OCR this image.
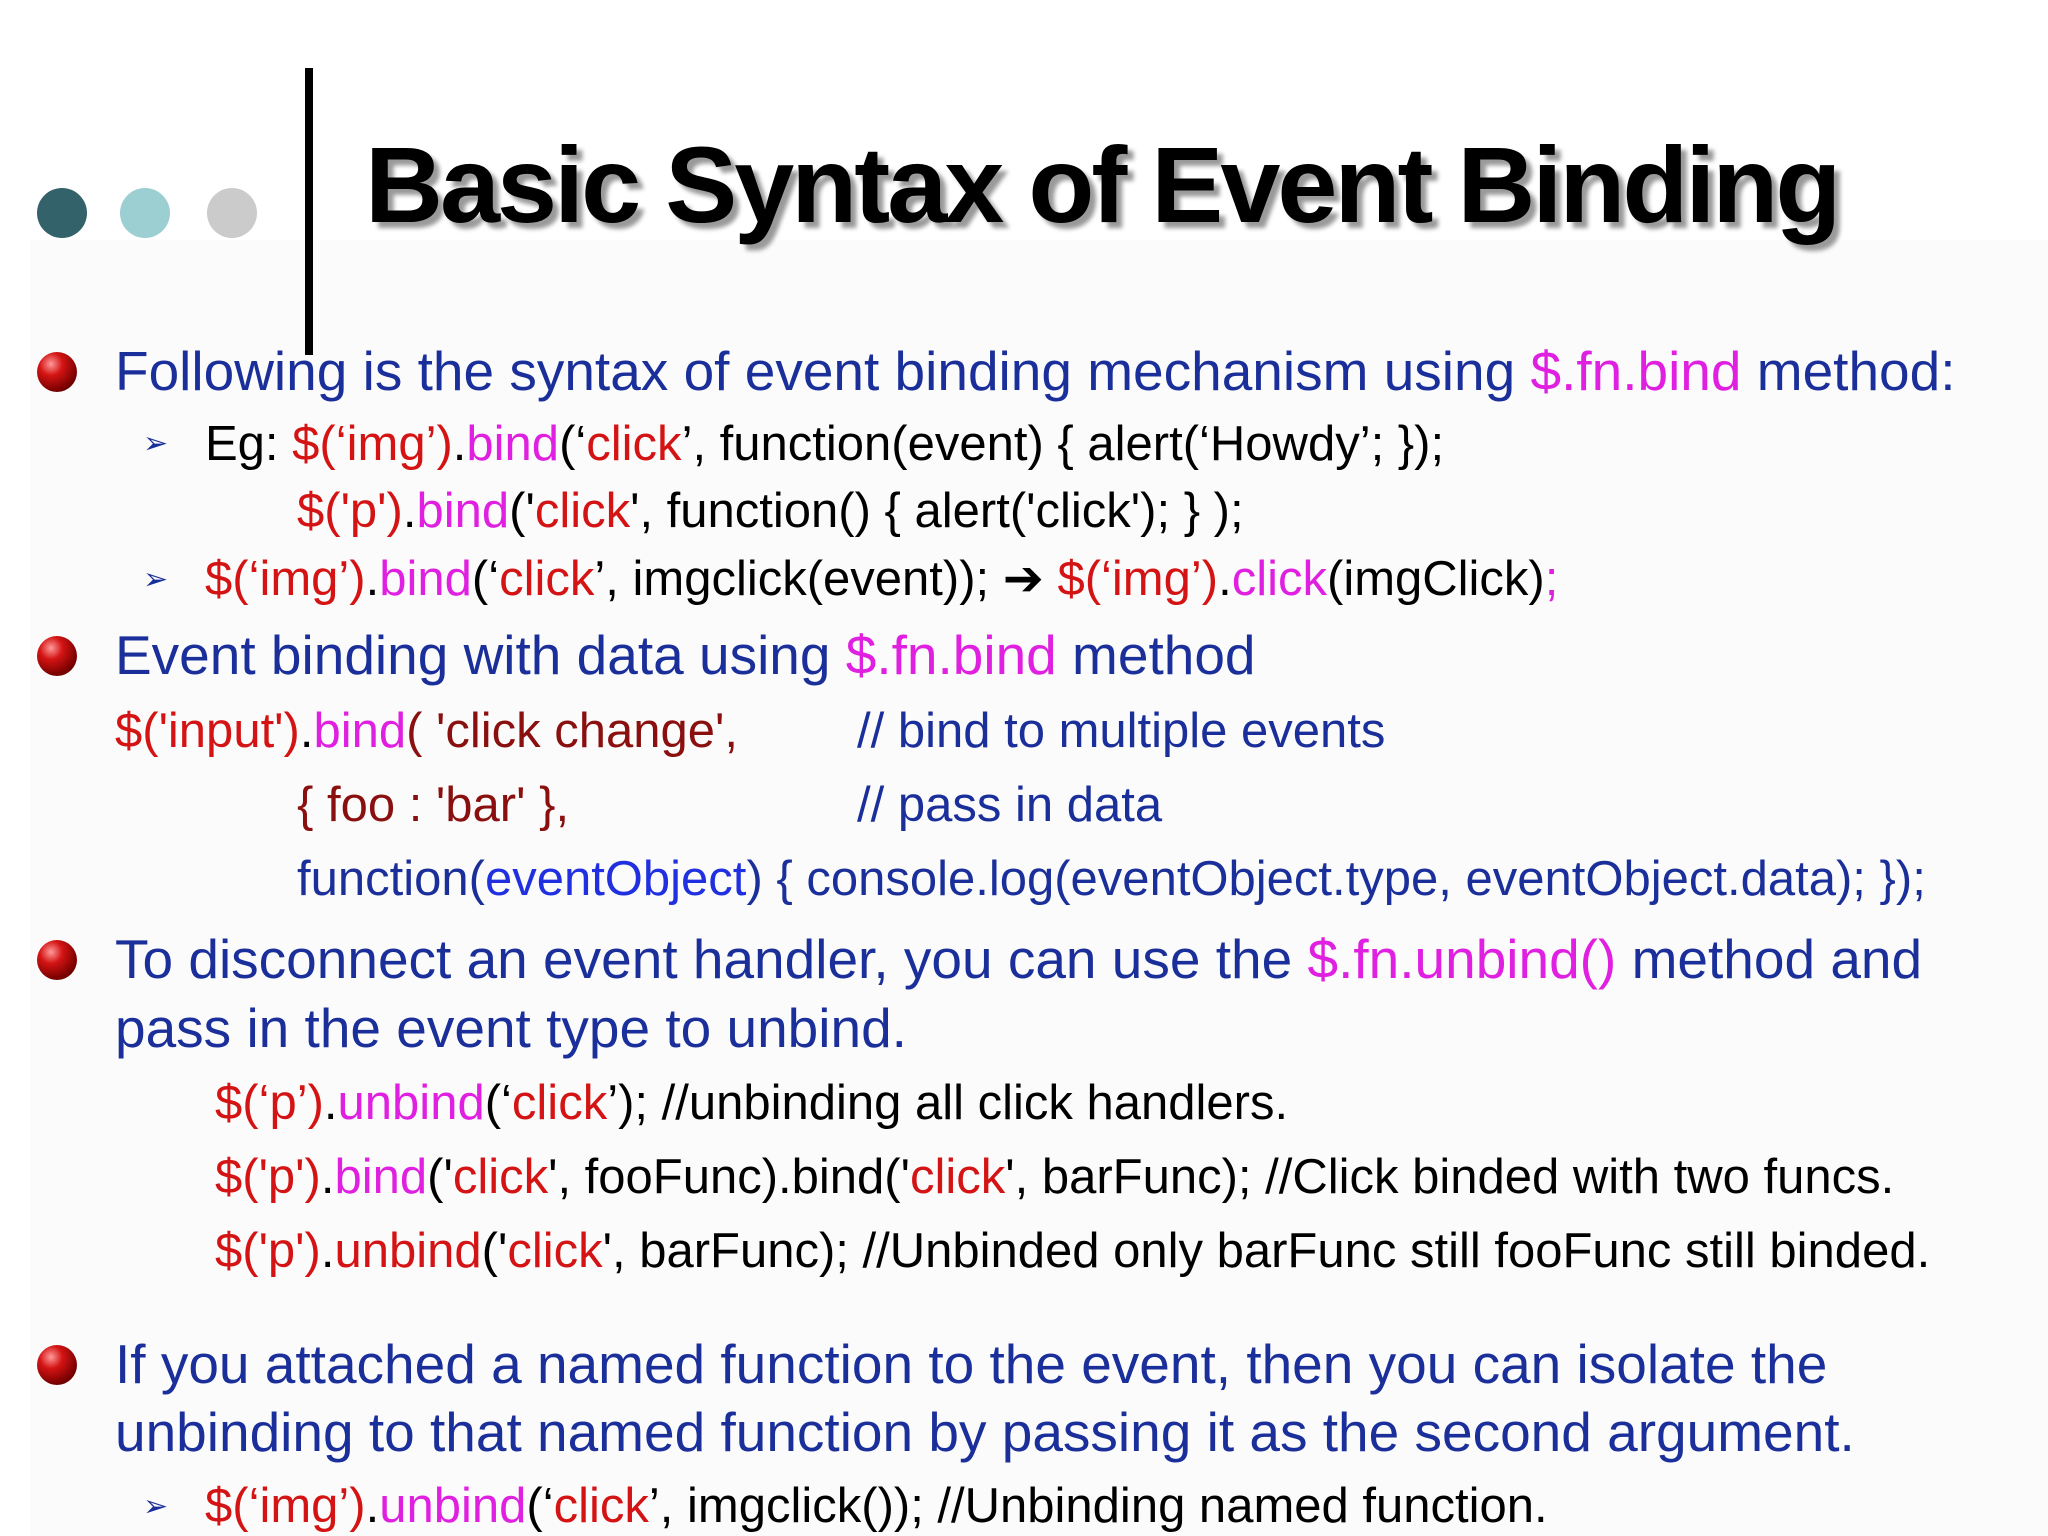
Basic Syntax of Event Binding
Following is the syntax of event binding mechanism using $.fn.bind method:
➢ Eg: $(‘img’).bind(‘click’, function(event) { alert(‘Howdy’; });
$('p').bind('click', function() { alert('click'); } );
➢ $(‘img’).bind(‘click’, imgclick(event)); ➔ $(‘img’).click(imgClick);
Event binding with data using $.fn.bind method
$('input').bind( 'click change', // bind to multiple events
{ foo : 'bar' },	// pass in data
function(eventObject) { console.log(eventObject.type, eventObject.data); });
To disconnect an event handler, you can use the $.fn.unbind() method and
pass in the event type to unbind.
$(‘p’).unbind(‘click’); //unbinding all click handlers.
$('p').bind('click', fooFunc).bind('click', barFunc); //Click binded with two funcs.
$('p').unbind('click', barFunc); //Unbinded only barFunc still fooFunc still binded.
If you attached a named function to the event, then you can isolate the
unbinding to that named function by passing it as the second argument.
➢ $(‘img’).unbind(‘click’, imgclick()); //Unbinding named function.
